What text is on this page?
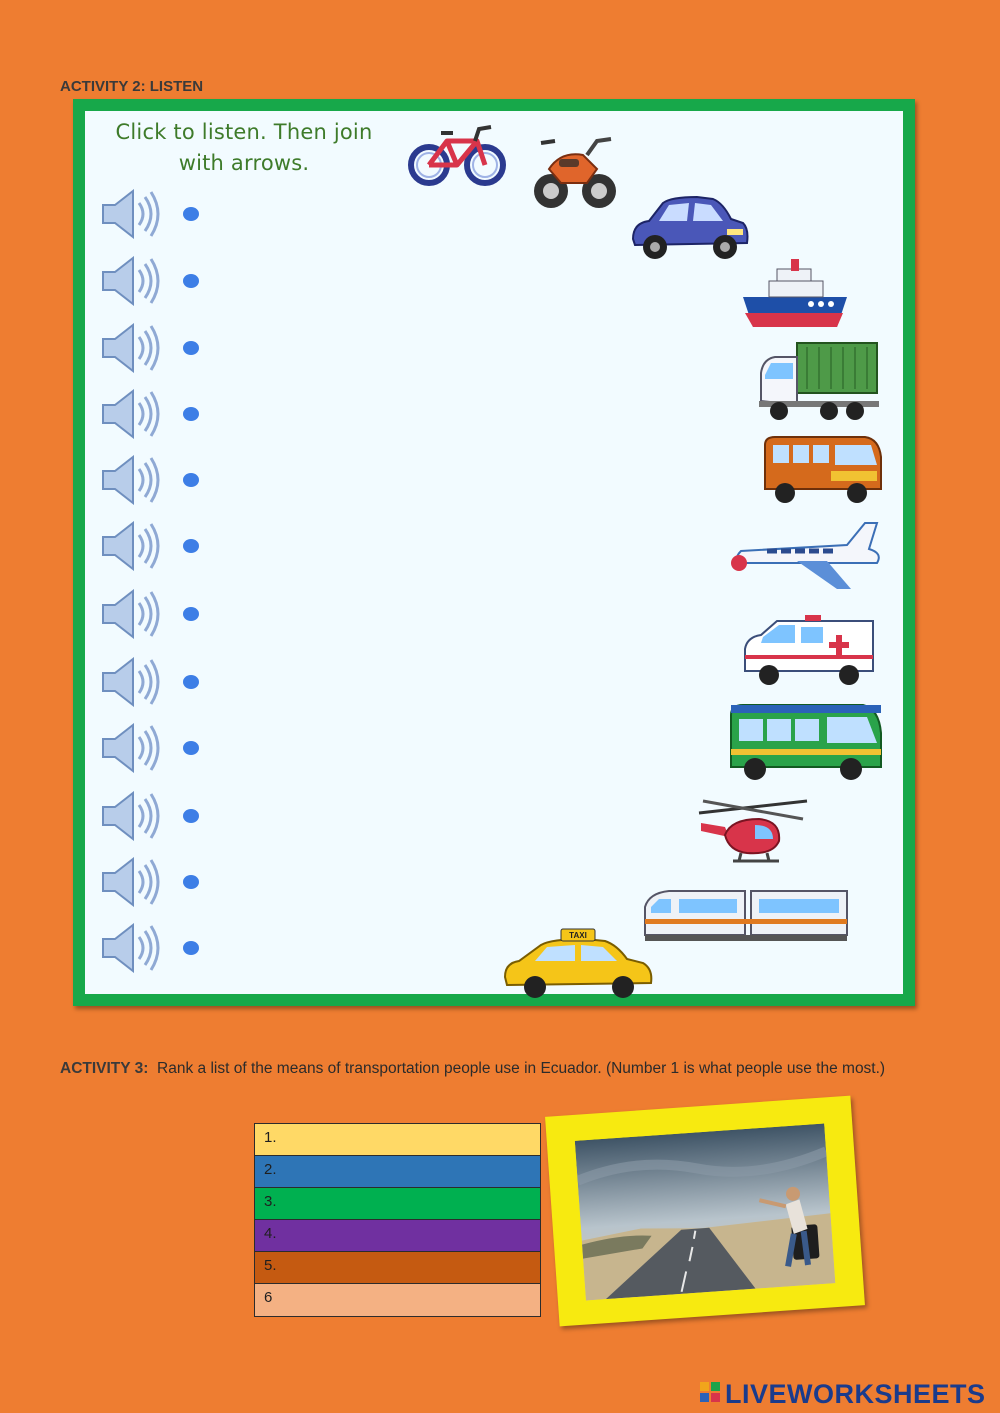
ACTIVITY 2: LISTEN
Click to listen. Then join
with arrows.
TAXI
ACTIVITY 3: Rank a list of the means of transportation people use in Ecuador. (Number 1 is what people use the most.)
1.
2.
3.
4.
5.
6
LIVEWORKSHEETS
